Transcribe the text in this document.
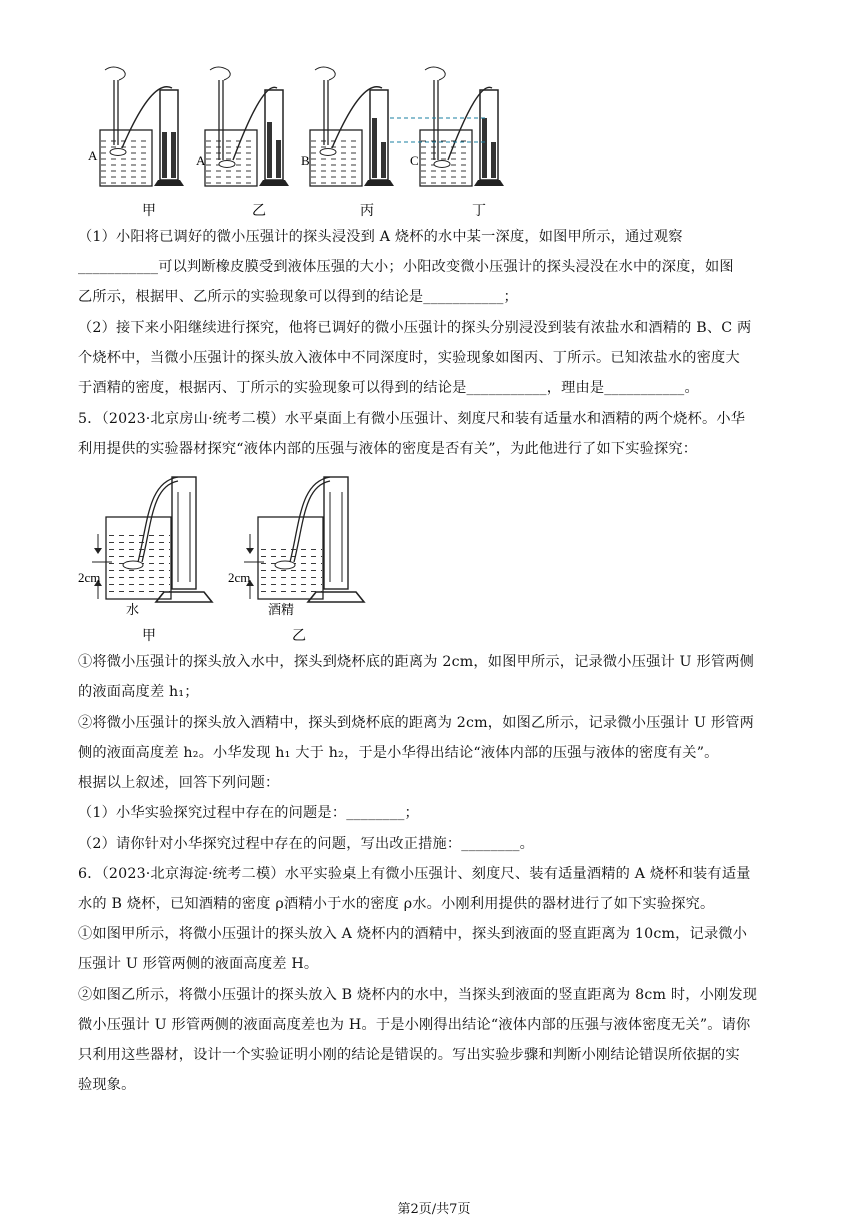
A	A	B	C
甲	乙	丙	丁
（1）小阳将已调好的微小压强计的探头浸没到 A 烧杯的水中某一深度，如图甲所示，通过观察
___________可以判断橡皮膜受到液体压强的大小；小阳改变微小压强计的探头浸没在水中的深度，如图
乙所示，根据甲、乙所示的实验现象可以得到的结论是___________；
（2）接下来小阳继续进行探究，他将已调好的微小压强计的探头分别浸没到装有浓盐水和酒精的 B、C 两
个烧杯中，当微小压强计的探头放入液体中不同深度时，实验现象如图丙、丁所示。已知浓盐水的密度大
于酒精的密度，根据丙、丁所示的实验现象可以得到的结论是___________，理由是___________。
5．（2023·北京房山·统考二模）水平桌面上有微小压强计、刻度尺和装有适量水和酒精的两个烧杯。小华
利用提供的实验器材探究“液体内部的压强与液体的密度是否有关”，为此他进行了如下实验探究：
2cm	2cm
水	酒精
甲	乙
①将微小压强计的探头放入水中，探头到烧杯底的距离为 2cm，如图甲所示，记录微小压强计 U 形管两侧
的液面高度差 h₁；
②将微小压强计的探头放入酒精中，探头到烧杯底的距离为 2cm，如图乙所示，记录微小压强计 U 形管两
侧的液面高度差 h₂。小华发现 h₁ 大于 h₂，于是小华得出结论“液体内部的压强与液体的密度有关”。
根据以上叙述，回答下列问题：
（1）小华实验探究过程中存在的问题是：________；
（2）请你针对小华探究过程中存在的问题，写出改正措施：________。
6．（2023·北京海淀·统考二模）水平实验桌上有微小压强计、刻度尺、装有适量酒精的 A 烧杯和装有适量
水的 B 烧杯，已知酒精的密度 ρ酒精小于水的密度 ρ水。小刚利用提供的器材进行了如下实验探究。
①如图甲所示，将微小压强计的探头放入 A 烧杯内的酒精中，探头到液面的竖直距离为 10cm，记录微小
压强计 U 形管两侧的液面高度差 H。
②如图乙所示，将微小压强计的探头放入 B 烧杯内的水中，当探头到液面的竖直距离为 8cm 时，小刚发现
微小压强计 U 形管两侧的液面高度差也为 H。于是小刚得出结论“液体内部的压强与液体密度无关”。请你
只利用这些器材，设计一个实验证明小刚的结论是错误的。写出实验步骤和判断小刚结论错误所依据的实
验现象。
第2页/共7页
